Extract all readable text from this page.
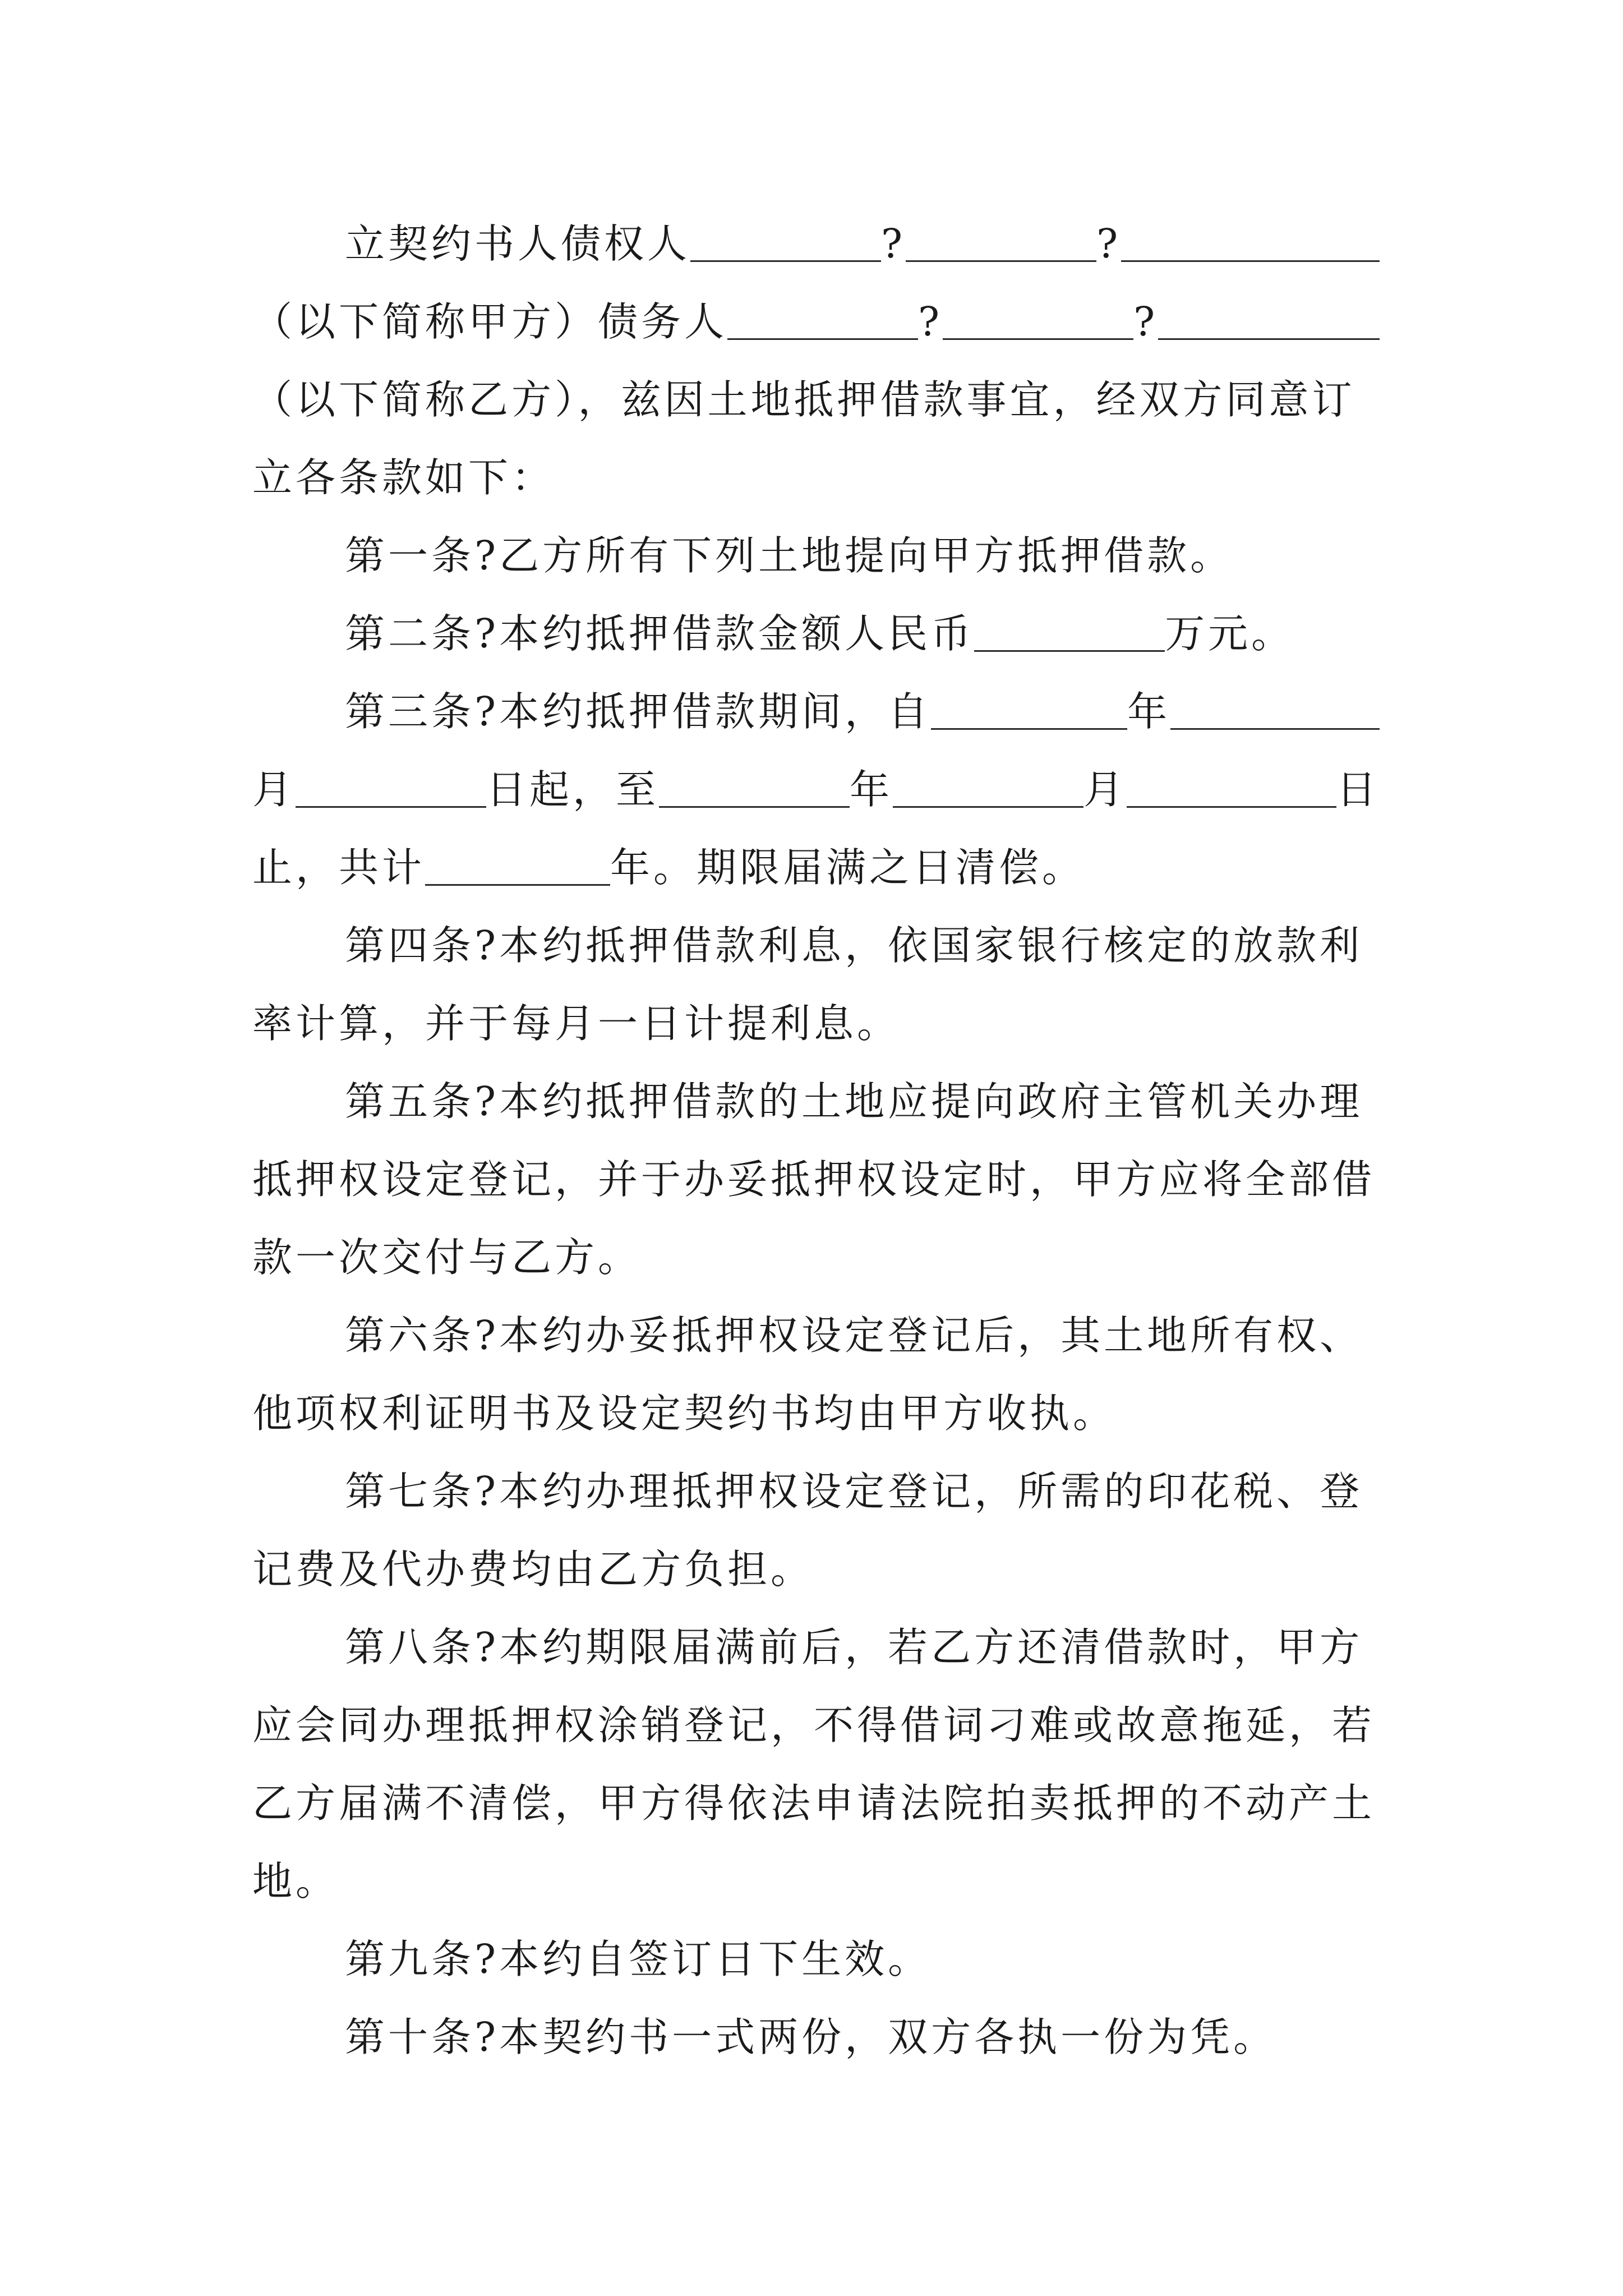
立契约书人债权人	?	?
（以下简称甲方）债务人	?	?
（以下简称乙方），兹因土地抵押借款事宜，经双方同意订
立各条款如下：
第一条?乙方所有下列土地提向甲方抵押借款。
第二条?本约抵押借款金额人民币	万元。
第三条?本约抵押借款期间，自	年
月	日起，至	年	月	日
止，共计	年。期限届满之日清偿。
第四条?本约抵押借款利息，依国家银行核定的放款利
率计算，并于每月一日计提利息。
第五条?本约抵押借款的土地应提向政府主管机关办理
抵押权设定登记，并于办妥抵押权设定时，甲方应将全部借
款一次交付与乙方。
第六条?本约办妥抵押权设定登记后，其土地所有权、
他项权利证明书及设定契约书均由甲方收执。
第七条?本约办理抵押权设定登记，所需的印花税、登
记费及代办费均由乙方负担。
第八条?本约期限届满前后，若乙方还清借款时，甲方
应会同办理抵押权涂销登记，不得借词刁难或故意拖延，若
乙方届满不清偿，甲方得依法申请法院拍卖抵押的不动产土
地。
第九条?本约自签订日下生效。
第十条?本契约书一式两份，双方各执一份为凭。
